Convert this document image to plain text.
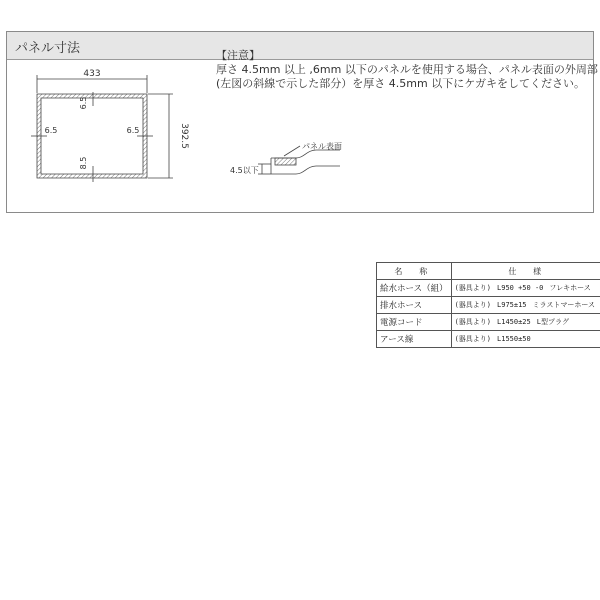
パネル寸法
433
392.5
6.5
8.5
6.5	6.5
パネル表面
4.5以下
【注意】
厚さ 4.5mm 以上 ,6mm 以下のパネルを使用する場合、パネル表面の外周部
(左図の斜線で示した部分）を厚さ 4.5mm 以下にケガキをしてください。
名 称	仕 様
給水ホース（組）	(器具より) L950 +50 -0 フレキホース
排水ホース	(器具より) L975±15 ミラストマーホース
電源コード	(器具より) L1450±25 L型プラグ
アース線	(器具より) L1550±50
